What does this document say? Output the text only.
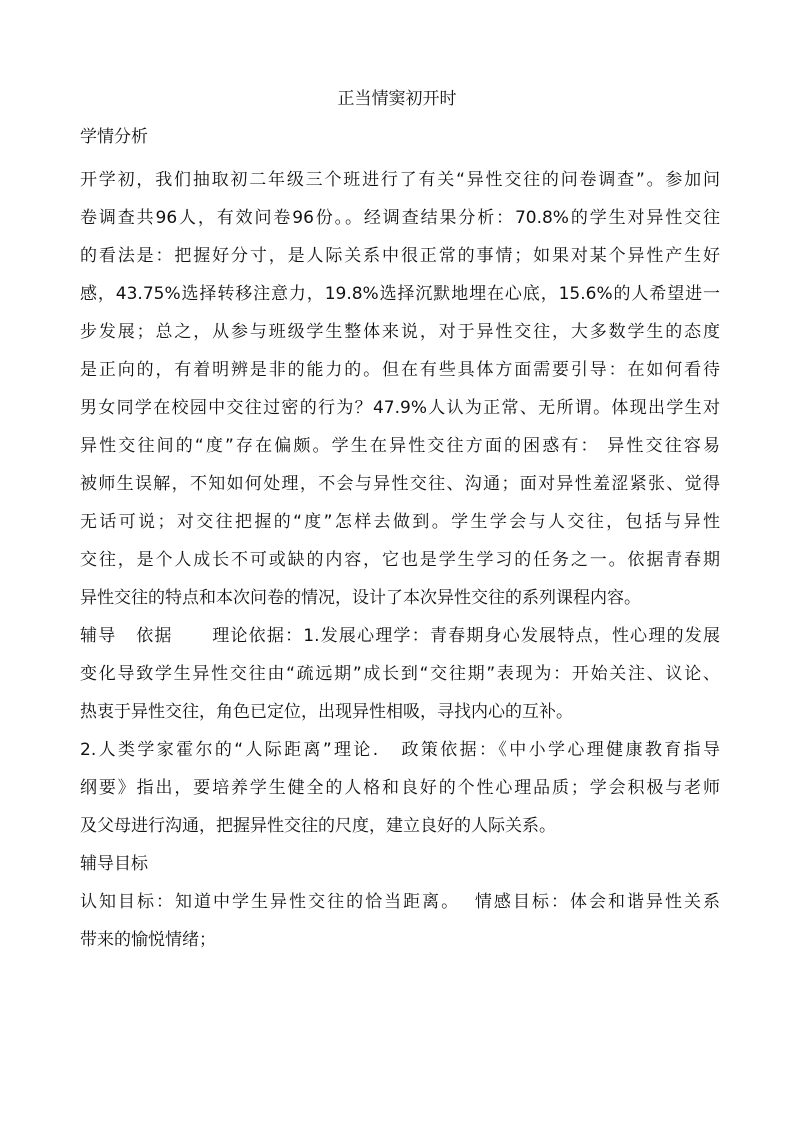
正当情窦初开时
学情分析
开学初，我们抽取初二年级三个班进行了有关“异性交往的问卷调查”。参加问
卷调查共96人，有效问卷96份。。经调查结果分析：70.8%的学生对异性交往
的看法是：把握好分寸，是人际关系中很正常的事情；如果对某个异性产生好
感，43.75%选择转移注意力，19.8%选择沉默地埋在心底，15.6%的人希望进一
步发展；总之，从参与班级学生整体来说，对于异性交往，大多数学生的态度
是正向的，有着明辨是非的能力的。但在有些具体方面需要引导：在如何看待
男女同学在校园中交往过密的行为？47.9%人认为正常、无所谓。体现出学生对
异性交往间的“度”存在偏颇。学生在异性交往方面的困惑有： 异性交往容易
被师生误解，不知如何处理，不会与异性交往、沟通；面对异性羞涩紧张、觉得
无话可说；对交往把握的“度”怎样去做到。学生学会与人交往，包括与异性
交往，是个人成长不可或缺的内容，它也是学生学习的任务之一。依据青春期
异性交往的特点和本次问卷的情况，设计了本次异性交往的系列课程内容。
辅导   依据      理论依据：1.发展心理学：青春期身心发展特点，性心理的发展
变化导致学生异性交往由“疏远期”成长到“交往期”表现为：开始关注、议论、
热衷于异性交往，角色已定位，出现异性相吸，寻找内心的互补。
2.人类学家霍尔的“人际距离”理论.   政策依据：《中小学心理健康教育指导
纲要》指出，要培养学生健全的人格和良好的个性心理品质；学会积极与老师
及父母进行沟通，把握异性交往的尺度，建立良好的人际关系。
辅导目标
认知目标：知道中学生异性交往的恰当距离。  情感目标：体会和谐异性关系
带来的愉悦情绪；
